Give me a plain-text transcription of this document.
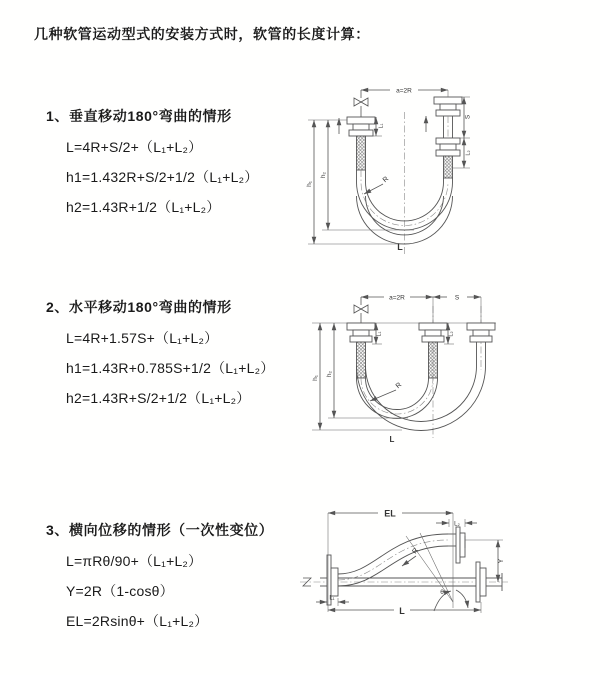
几种软管运动型式的安装方式时，软管的长度计算：
1、垂直移动180°弯曲的情形
L=4R+S/2+（L₁+L₂）
h1=1.432R+S/2+1/2（L₁+L₂）
h2=1.43R+1/2（L₁+L₂）
a=2R
h₁
h₂
L₁
S
L₂
R
L
2、水平移动180°弯曲的情形
L=4R+1.57S+（L₁+L₂）
h1=1.43R+0.785S+1/2（L₁+L₂）
h2=1.43R+S/2+1/2（L₁+L₂）
a=2R	S
h₁
h₂
L₁	L₂
R
L
3、横向位移的情形（一次性变位）
L=πRθ/90+（L₁+L₂）
Y=2R（1-cosθ）
EL=2Rsinθ+（L₁+L₂）
EL
L₂
Y
R
θ
L
L₁
